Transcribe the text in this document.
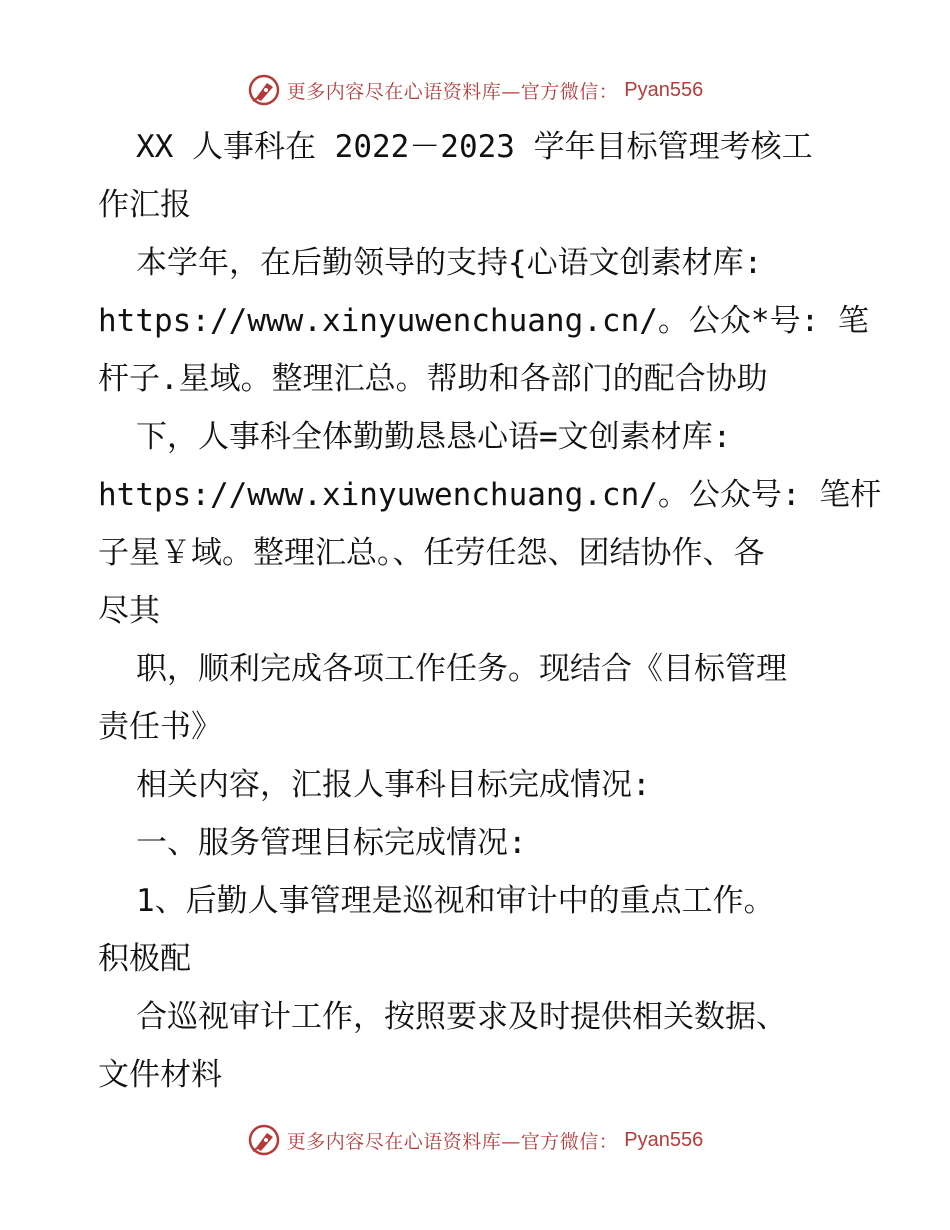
更多内容尽在心语资料库—官方微信： Pyan556
XX 人事科在 2022－2023 学年目标管理考核工
作汇报
本学年，在后勤领导的支持{心语文创素材库:
https://www.xinyuwenchuang.cn/。公众*号: 笔
杆子.星域。整理汇总。帮助和各部门的配合协助
下，人事科全体勤勤恳恳心语=文创素材库:
https://www.xinyuwenchuang.cn/。公众号: 笔杆
子星￥域。整理汇总。、任劳任怨、团结协作、各
尽其
职，顺利完成各项工作任务。现结合《目标管理
责任书》
相关内容，汇报人事科目标完成情况:
一、服务管理目标完成情况:
1、后勤人事管理是巡视和审计中的重点工作。
积极配
合巡视审计工作，按照要求及时提供相关数据、
文件材料
更多内容尽在心语资料库—官方微信： Pyan556
